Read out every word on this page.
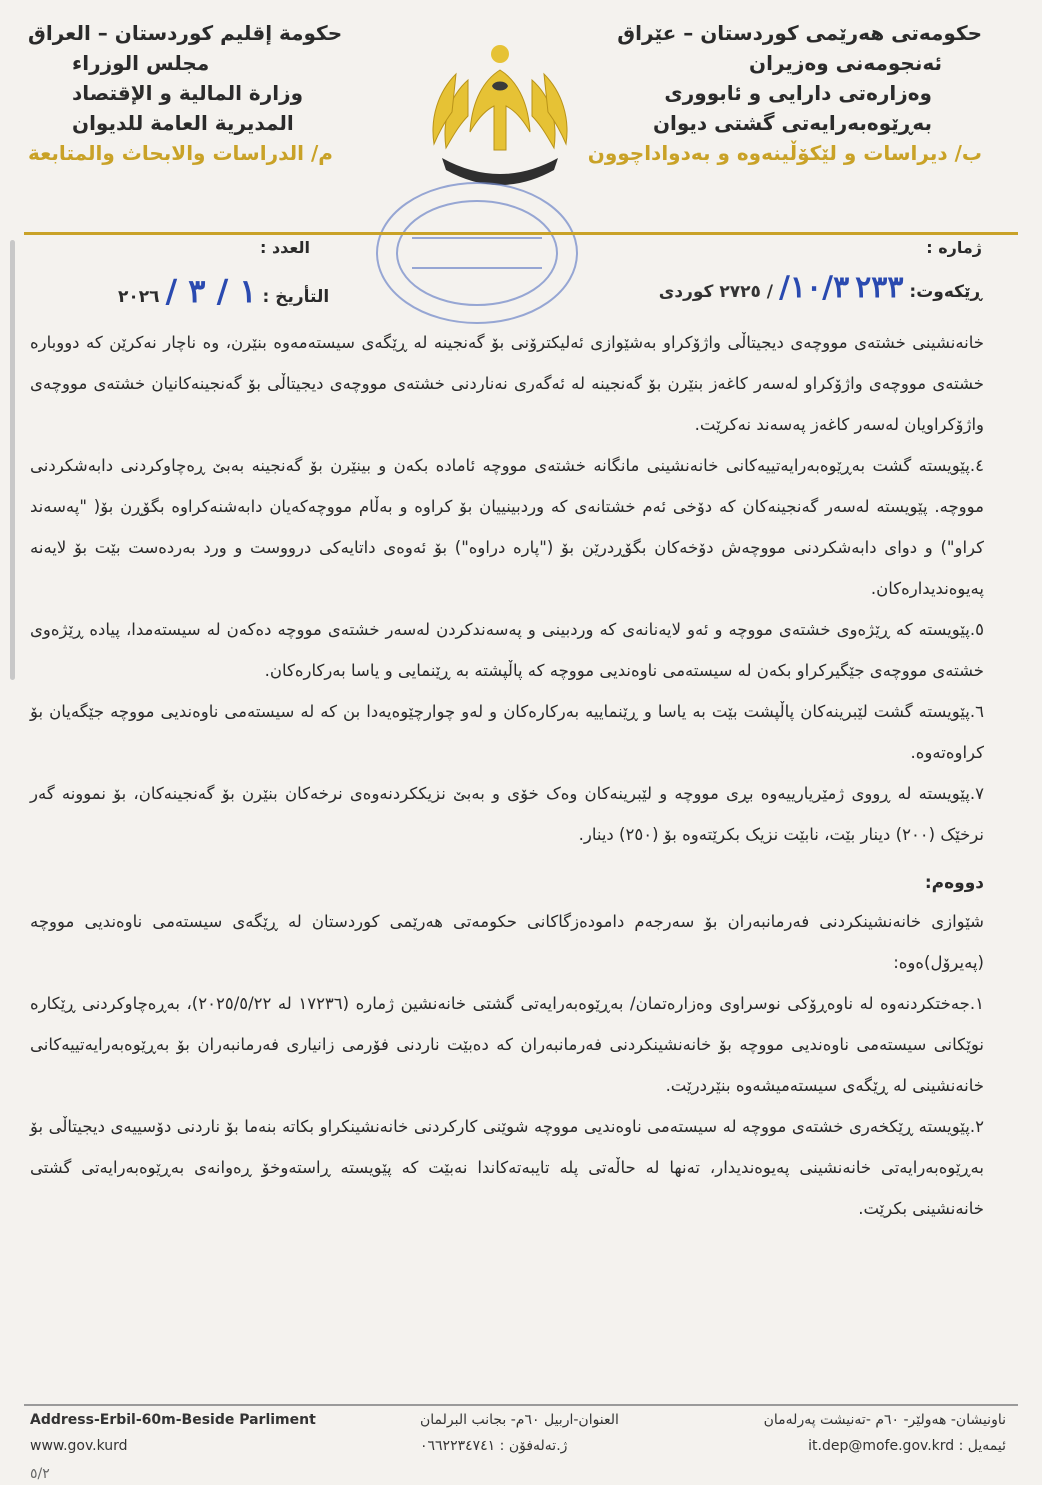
حکومەتی هەرێمی کوردستان – عێراق
ئەنجومەنی وەزیران
وەزارەتی دارایی و ئابووری
بەڕێوەبەرایەتی گشتی دیوان
ب/ دیراسات و لێکۆڵینەوە و بەدواداچوون
حكومة إقليم كوردستان – العراق
مجلس الوزراء
وزارة المالية و الإقتصاد
المديرية العامة للديوان
م/ الدراسات والابحاث والمتابعة
ژمارە :
ڕێکەوت: ٢٣٣ ١٠/٣/ / ٢٧٢٥ کوردی
العدد :
التأريخ : ١ / ٣ / ٢٠٢٦

خانەنشینی خشتەی مووچەی دیجیتاڵی واژۆکراو بەشێوازی ئەلیکترۆنی بۆ گەنجینە لە ڕێگەی سیستەمەوە بنێرن، وە ناچار نەکرێن کە دووبارە خشتەی مووچەی واژۆکراو لەسەر کاغەز بنێرن بۆ گەنجینە لە ئەگەری نەناردنی خشتەی مووچەی دیجیتاڵی بۆ گەنجینەکانیان خشتەی مووچەی واژۆکراویان لەسەر کاغەز پەسەند نەکرێت.

٤.پێویستە گشت بەڕێوەبەرایەتییەکانی خانەنشینی مانگانە خشتەی مووچە ئامادە بکەن و بینێرن بۆ گەنجینە بەبێ ڕەچاوکردنی دابەشکردنی مووچە. پێویستە لەسەر گەنجینەکان کە دۆخی ئەم خشتانەی کە وردبینییان بۆ کراوە و بەڵام مووچەکەیان دابەشنەکراوە بگۆڕن بۆ( "پەسەند کراو") و دوای دابەشکردنی مووچەش دۆخەکان بگۆڕدرێن بۆ ("پارە دراوە") بۆ ئەوەی داتایەکی درووست و ورد بەردەست بێت بۆ لایەنە پەیوەندیدارەکان.

٥.پێویستە کە ڕێژەوی خشتەی مووچە و ئەو لایەنانەی کە وردبینی و پەسەندکردن لەسەر خشتەی مووچە دەکەن لە سیستەمدا، پیادە ڕێژەوی خشتەی مووچەی جێگیرکراو بکەن لە سیستەمی ناوەندیی مووچە کە پاڵپشتە بە ڕێنمایی و یاسا بەرکارەکان.

٦.پێویستە گشت لێبرینەکان پاڵپشت بێت بە یاسا و ڕێنماییە بەرکارەکان و لەو چوارچێوەیەدا بن کە لە سیستەمی ناوەندیی مووچە جێگەیان بۆ کراوەتەوە.

٧.پێویستە لە ڕووی ژمێریارییەوە بڕی مووچە و لێبرینەکان وەک خۆی و بەبێ نزیککردنەوەی نرخەکان بنێرن بۆ گەنجینەکان، بۆ نموونە گەر نرخێک (٢٠٠) دینار بێت، نابێت نزیک بکرێتەوە بۆ (٢٥٠) دینار.

دووەم:

شێوازی خانەنشینکردنی فەرمانبەران بۆ سەرجەم دامودەزگاکانی حکومەتی هەرێمی کوردستان لە ڕێگەی سیستەمی ناوەندیی مووچە (پەیرۆل)ەوە:

١.جەختکردنەوە لە ناوەڕۆکی نوسراوی وەزارەتمان/ بەڕێوەبەرایەتی گشتی خانەنشین ژمارە (١٧٢٣٦ لە ٢٠٢٥/٥/٢٢)، بەڕەچاوکردنی ڕێکارە نوێکانی سیستەمی ناوەندیی مووچە بۆ خانەنشینکردنی فەرمانبەران کە دەبێت ناردنی فۆرمی زانیاری فەرمانبەران بۆ بەڕێوەبەرایەتییەکانی خانەنشینی لە ڕێگەی سیستەمیشەوە بنێردرێت.

٢.پێویستە ڕێکخەری خشتەی مووچە لە سیستەمی ناوەندیی مووچە شوێنی کارکردنی خانەنشینکراو بکاتە بنەما بۆ ناردنی دۆسییەی دیجیتاڵی بۆ بەڕێوەبەرایەتی خانەنشینی پەیوەندیدار، تەنها لە حاڵەتی پلە تایبەتەکاندا نەبێت کە پێویستە ڕاستەوخۆ ڕەوانەی بەڕێوەبەرایەتی گشتی خانەنشینی بکرێت.

Address-Erbil-60m-Beside Parliment
www.gov.kurd
العنوان-اربيل ٦٠م- بجانب البرلمان
ژ.تەلەفۆن : ٠٦٦٢٢٣٤٧٤١
ناونیشان- هەولێر- ٦٠م -تەنیشت پەرلەمان
ئیمەیل : it.dep@mofe.gov.krd
٥/٢
